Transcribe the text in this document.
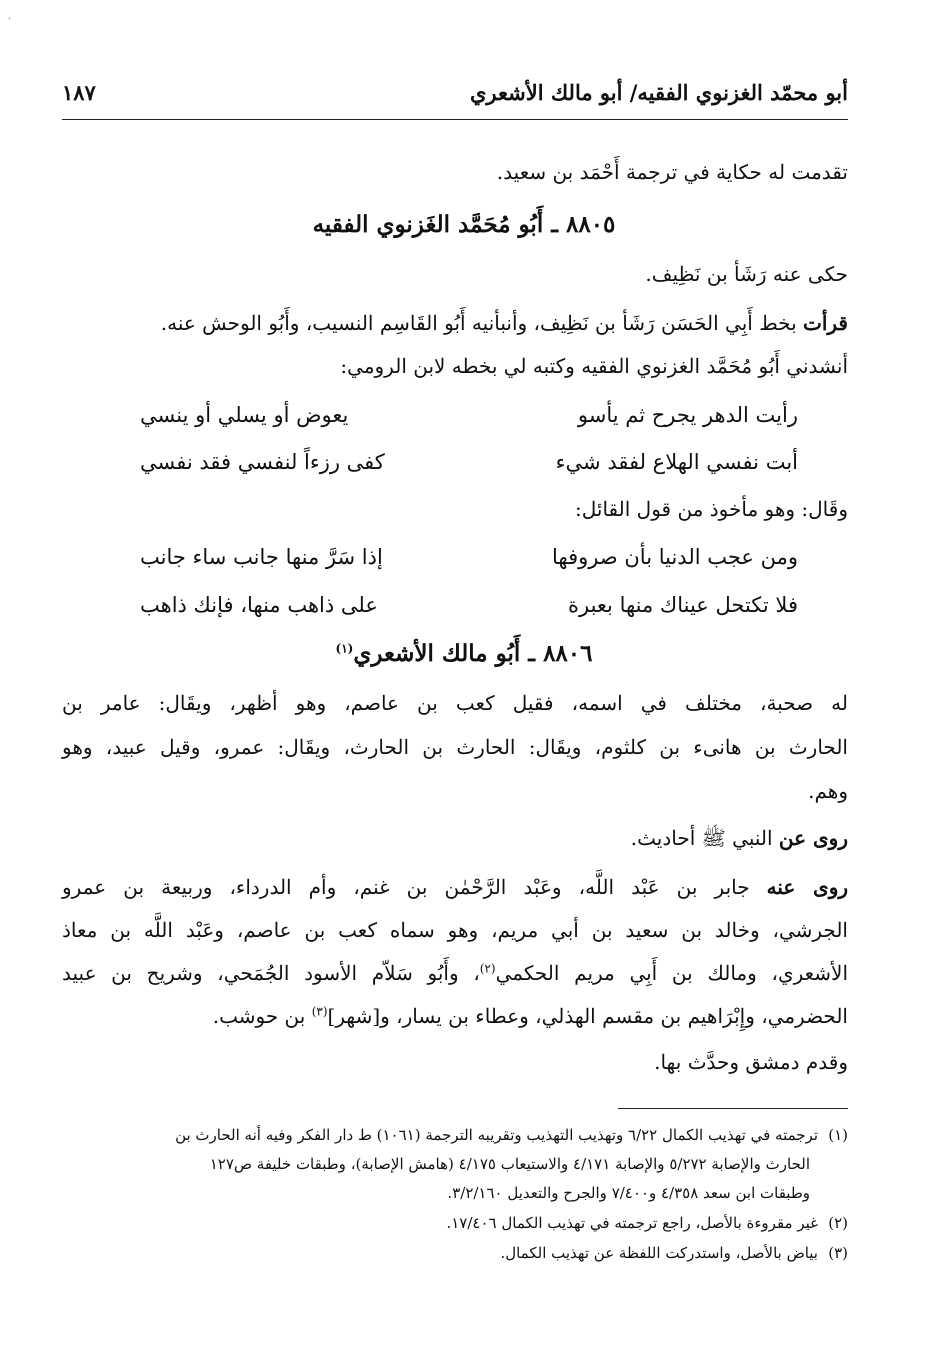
·
أبو محمّد الغزنوي الفقيه/ أبو مالك الأشعري
١٨٧
تقدمت له حكاية في ترجمة أَحْمَد بن سعيد.
٨٨٠٥ ـ أَبُو مُحَمَّد الغَزنوي الفقيه
حكى عنه رَشَأ بن نَظِيف.
قرأت بخط أَبِي الحَسَن رَشَأ بن نَظِيف، وأنبأنيه أَبُو القَاسِم النسيب، وأَبُو الوحش عنه.
أنشدني أَبُو مُحَمَّد الغزنوي الفقيه وكتبه لي بخطه لابن الرومي:
رأيت الدهر يجرح ثم يأسو
يعوض أو يسلي أو ينسي
أبت نفسي الهلاع لفقد شيء
كفى رزءاً لنفسي فقد نفسي
وقَال: وهو مأخوذ من قول القائل:
ومن عجب الدنيا بأن صروفها
إذا سَرَّ منها جانب ساء جانب
فلا تكتحل عيناك منها بعبرة
على ذاهب منها، فإنك ذاهب
٨٨٠٦ ـ أَبُو مالك الأشعري$^{(١)}$
له صحبة، مختلف في اسمه، فقيل كعب بن عاصم، وهو أظهر، ويقَال: عامر بن
الحارث بن هانىء بن كلثوم، ويقَال: الحارث بن الحارث، ويقَال: عمرو، وقيل عبيد، وهو
وهم.
روى عن النبي ﷺ أحاديث.
روى عنه جابر بن عَبْد اللَّه، وعَبْد الرَّحْمٰن بن غنم، وأم الدرداء، وربيعة بن عمرو
الجرشي، وخالد بن سعيد بن أبي مريم، وهو سماه كعب بن عاصم، وعَبْد اللَّه بن معاذ
الأشعري، ومالك بن أَبِي مريم الحكمي$^{(٢)}$، وأَبُو سَلاّم الأسود الجُمَحي، وشريح بن عبيد
الحضرمي، وإِبْرَاهيم بن مقسم الهذلي، وعطاء بن يسار، و[شهر]$^{(٣)}$ بن حوشب.
وقدم دمشق وحدَّث بها.
(١)ترجمته في تهذيب الكمال ٦/٢٢ وتهذيب التهذيب وتقريبه الترجمة (١٠٦١) ط دار الفكر وفيه أنه الحارث بن
الحارث والإصابة ٥/٢٧٢ والإصابة ٤/١٧١ والاستيعاب ٤/١٧٥ (هامش الإصابة)، وطبقات خليفة ص١٢٧
وطبقات ابن سعد ٤/٣٥٨ و٧/٤٠٠ والجرح والتعديل ٣/٢/١٦٠.
(٢)غير مقروءة بالأصل، راجع ترجمته في تهذيب الكمال ١٧/٤٠٦.
(٣)بياض بالأصل، واستدركت اللفظة عن تهذيب الكمال.
